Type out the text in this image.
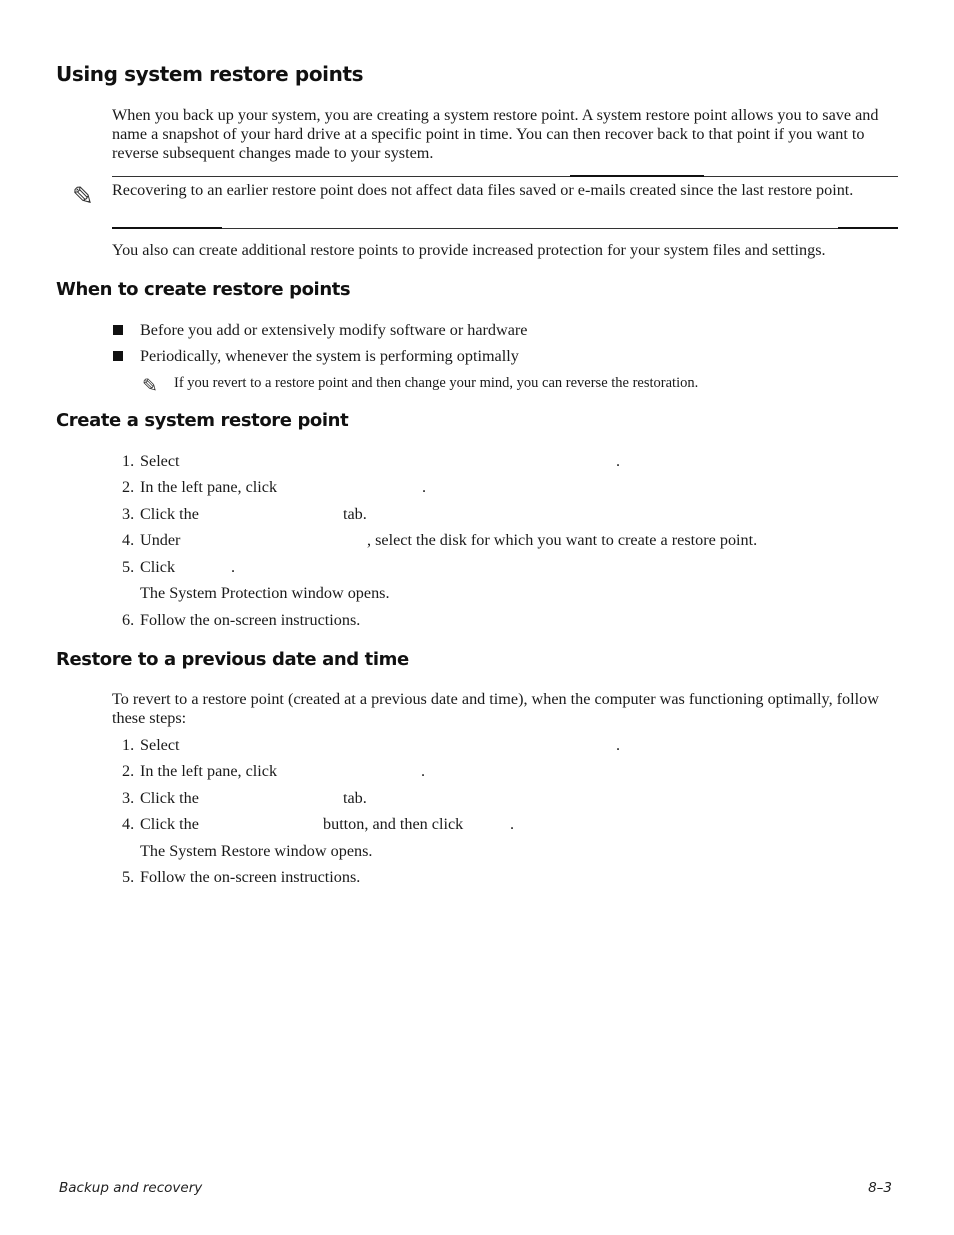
Using system restore points

When you back up your system, you are creating a system restore point. A system restore point allows you to save and name a snapshot of your hard drive at a specific point in time. You can then recover back to that point if you want to reverse subsequent changes made to your system.

✎ Recovering to an earlier restore point does not affect data files saved or e-mails created since the last restore point.

You also can create additional restore points to provide increased protection for your system files and settings.

When to create restore points

Before you add or extensively modify software or hardware

Periodically, whenever the system is performing optimally

✎ If you revert to a restore point and then change your mind, you can reverse the restoration.

Create a system restore point
1. Select	.
2. In the left pane, click	.
3. Click the	tab.
4. Under	, select the disk for which you want to create a restore point.
5. Click	.

The System Protection window opens.

6. Follow the on-screen instructions.
Restore to a previous date and time

To revert to a restore point (created at a previous date and time), when the computer was functioning optimally, follow these steps:

1. Select	.
2. In the left pane, click	.
3. Click the	tab.
4. Click the	button, and then click	.

The System Restore window opens.

5. Follow the on-screen instructions.

Backup and recovery	8–3
